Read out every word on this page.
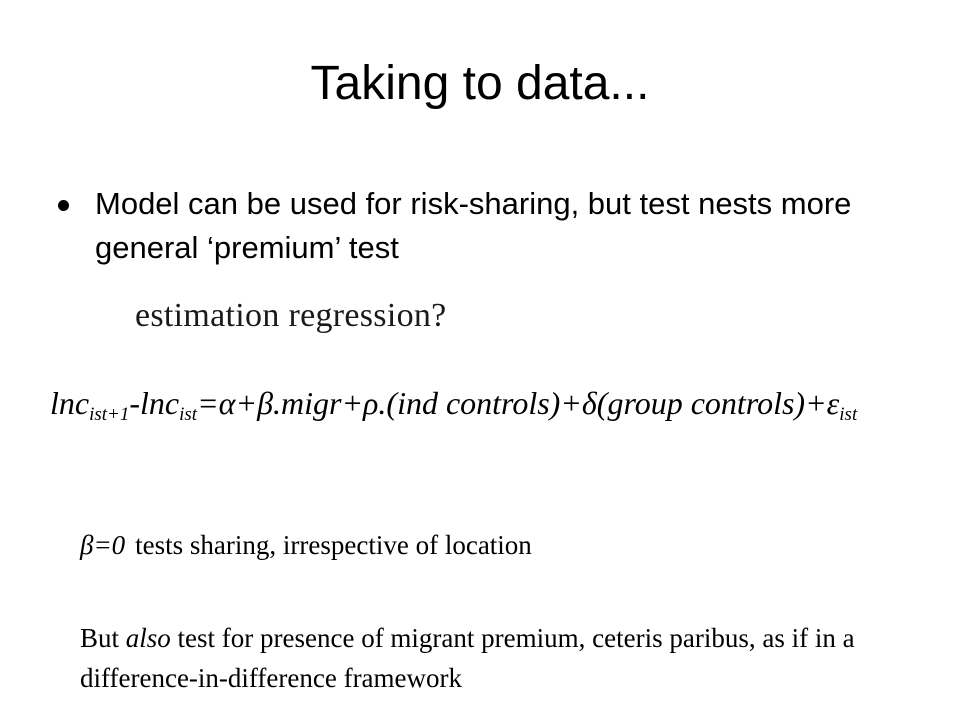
Taking to data...
Model can be used for risk-sharing, but test nests more general ‘premium’ test
estimation regression?
lnc$_{ist+1}$-lnc$_{ist}$=α+β.migr+ρ.(ind controls)+δ(group $controls)+\varepsilon_{ist}$
β=0 tests sharing, irrespective of location
But also test for presence of migrant premium, ceteris paribus, as if in a difference-in-difference framework
